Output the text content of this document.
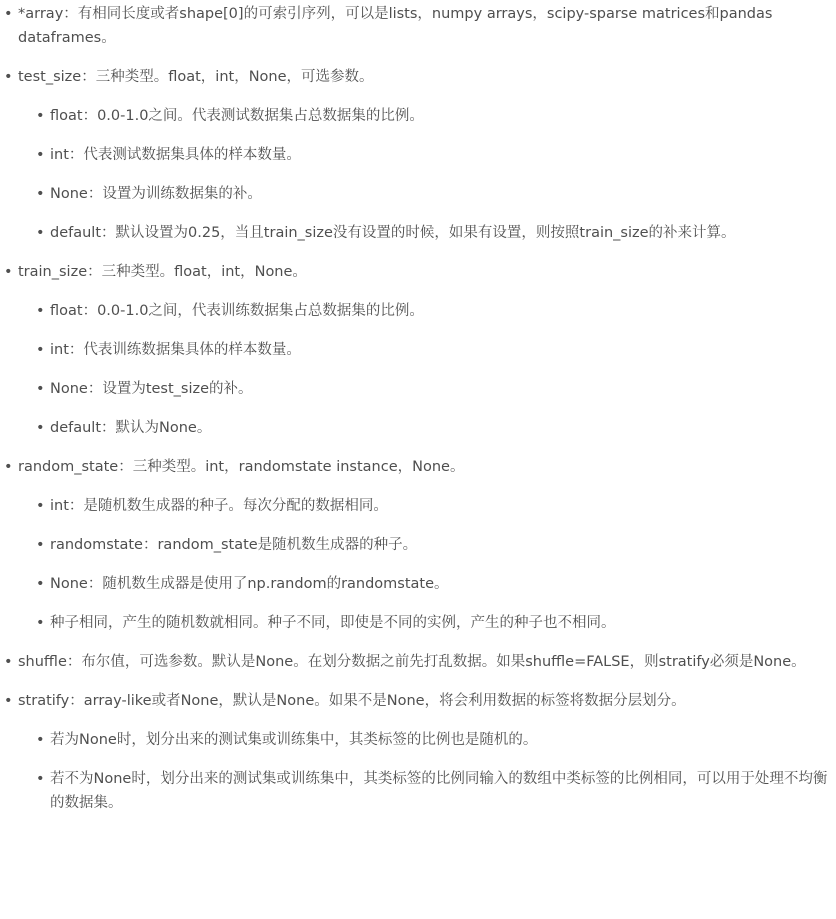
• *array：有相同长度或者shape[0]的可索引序列，可以是lists，numpy arrays，scipy-sparse matrices和pandas dataframes。
• test_size：三种类型。float，int，None，可选参数。
• float：0.0-1.0之间。代表测试数据集占总数据集的比例。
• int：代表测试数据集具体的样本数量。
• None：设置为训练数据集的补。
• default：默认设置为0.25，当且train_size没有设置的时候，如果有设置，则按照train_size的补来计算。
• train_size：三种类型。float，int，None。
• float：0.0-1.0之间，代表训练数据集占总数据集的比例。
• int：代表训练数据集具体的样本数量。
• None：设置为test_size的补。
• default：默认为None。
• random_state：三种类型。int，randomstate instance，None。
• int：是随机数生成器的种子。每次分配的数据相同。
• randomstate：random_state是随机数生成器的种子。
• None：随机数生成器是使用了np.random的randomstate。
• 种子相同，产生的随机数就相同。种子不同，即使是不同的实例，产生的种子也不相同。
• shuffle：布尔值，可选参数。默认是None。在划分数据之前先打乱数据。如果shuffle=FALSE，则stratify必须是None。
• stratify：array-like或者None，默认是None。如果不是None，将会利用数据的标签将数据分层划分。
• 若为None时，划分出来的测试集或训练集中，其类标签的比例也是随机的。
• 若不为None时，划分出来的测试集或训练集中，其类标签的比例同输入的数组中类标签的比例相同，可以用于处理不均衡的数据集。
